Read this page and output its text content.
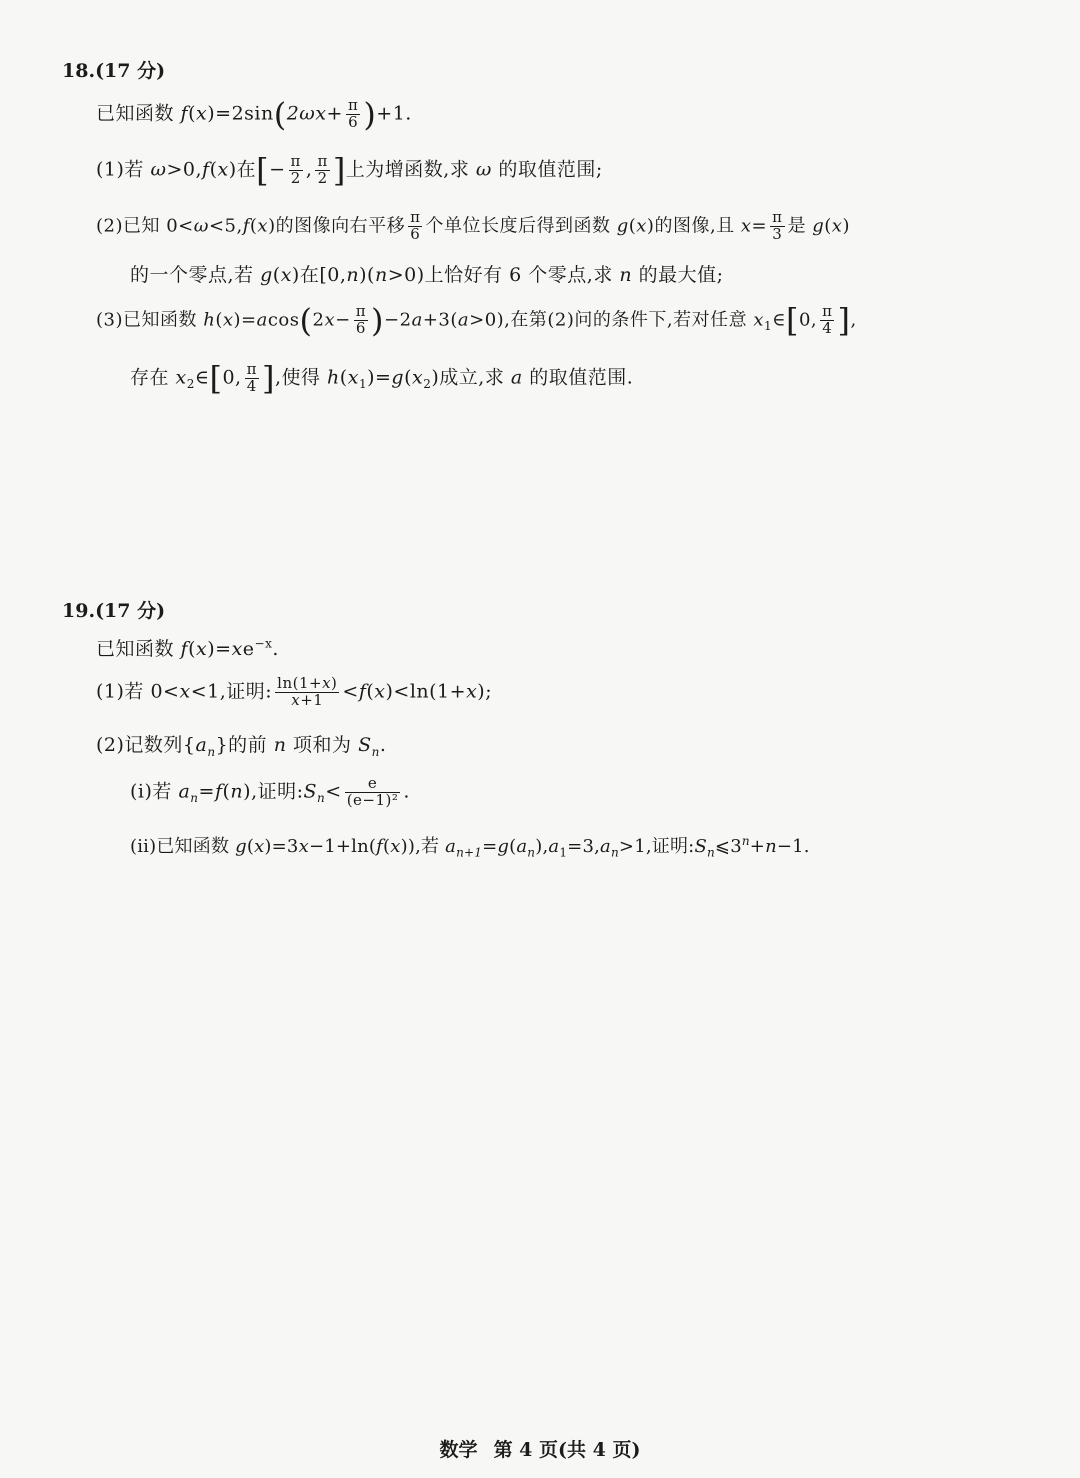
18.(17 分)
已知函数 $f(x)=2\sin(2\omega x+ \frac{\pi}{6} )+1$.
(1)若 ω>0,f(x)在[− $\frac{\pi}{2}$ , $\frac{\pi}{2}$ ]上为增函数,求 ω 的取值范围;
(2)已知 0<ω<5,f(x)的图像向右平移 $\frac{\pi}{6}$ 个单位长度后得到函数 g(x)的图像,且 $x= \frac{\pi}{3}$ 是 g(x)
的一个零点,若 g(x)在[0,n)(n>0)上恰好有 6 个零点,求 n 的最大值;
(3)已知函数 $h(x)=acos(2x- \frac{\pi}{6} )-2a+3(a>0)$,在第(2)问的条件下,若对任意 $x_1\in[0$, $\frac{\pi}{4}$ ],
存在 $x_2\in[0$, $\frac{\pi}{4}$ ],使得 $h(x_1)=g(x_2)$成立,求 a 的取值范围.
19.(17 分)
已知函数 $f(x)=xe^{-x}$.
(1)若 0<x<1,证明: $\frac{\ln(1+x)}{x+1} <f(x)<\ln(1+x)$;
(2)记数列$\{a_n\}$的前 n 项和为 $S_n$.
(i)若 $a_n=f(n)$,证明$:S_n< \frac{e}{\text{(e−1)²}}$ .
(ii)已知函数 g(x)=3x−1+ln(f(x)),若 $a_{n+1}=g(a_n),a_1=3,a_n>1$,证明$:S_n⩽3^n+n-1$.
数学 第 4 页(共 4 页)
